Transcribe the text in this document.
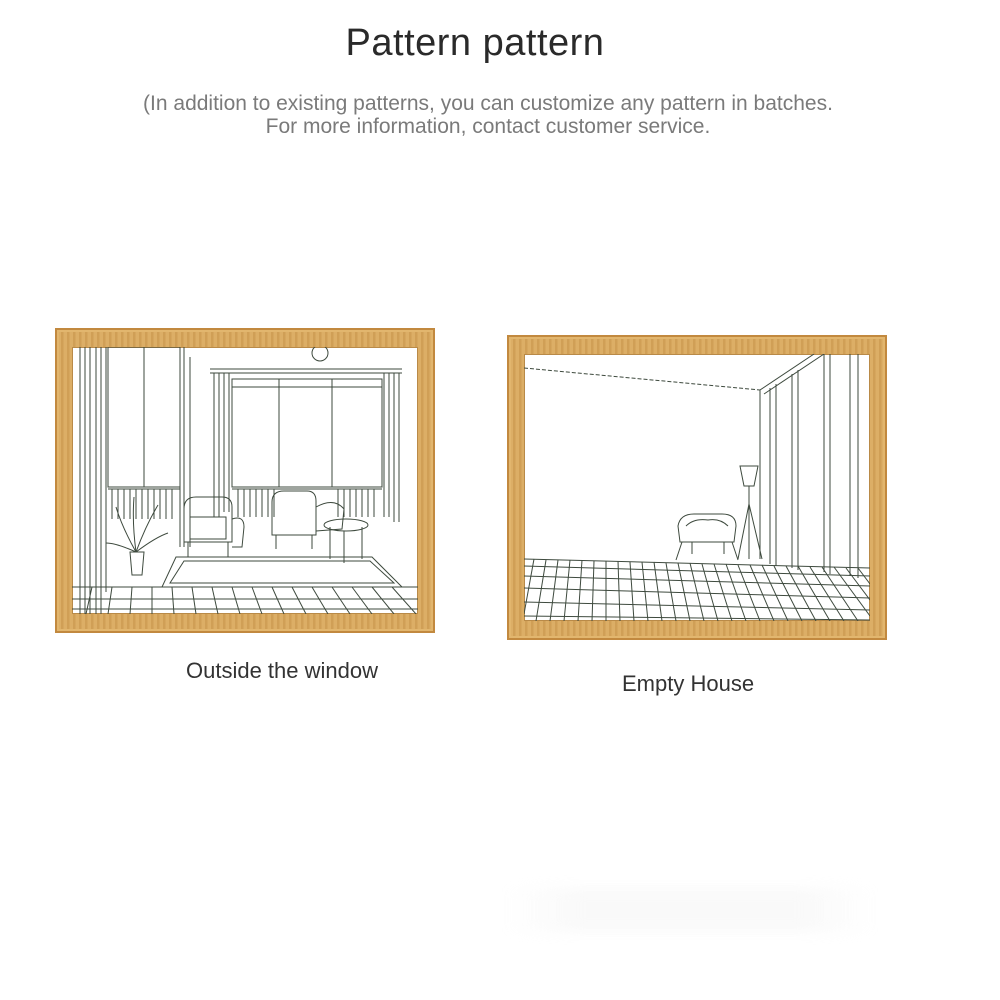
Pattern pattern
(In addition to existing patterns, you can customize any pattern in batches.
For more information, contact customer service.
Outside the window
Empty House
